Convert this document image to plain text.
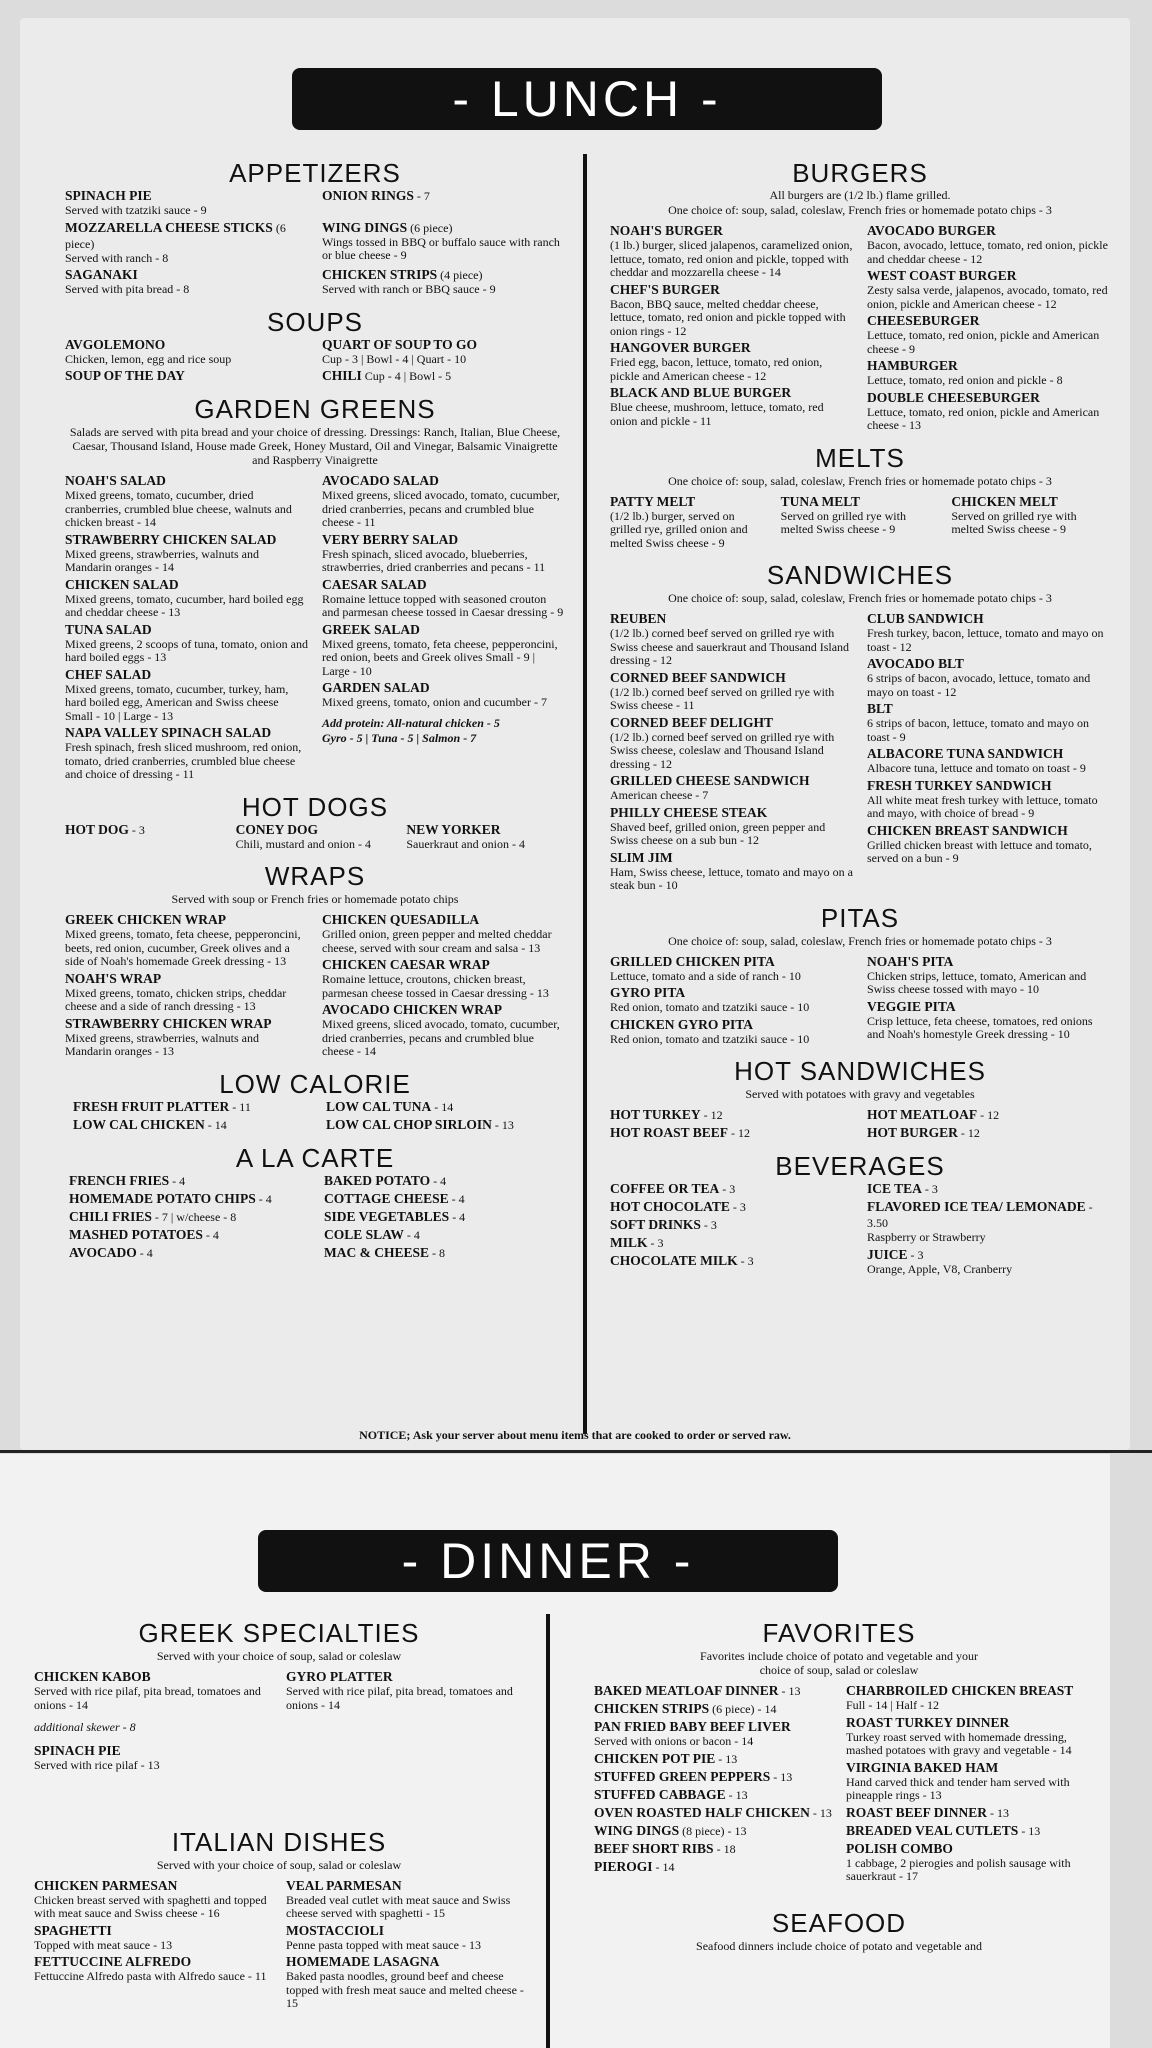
- LUNCH -
APPETIZERS
SPINACH PIE
Served with tzatziki sauce - 9
ONION RINGS - 7
MOZZARELLA CHEESE STICKS (6 piece)
Served with ranch - 8
WING DINGS (6 piece)
Wings tossed in BBQ or buffalo sauce with ranch or blue cheese - 9
SAGANAKI
Served with pita bread - 8
CHICKEN STRIPS (4 piece)
Served with ranch or BBQ sauce - 9
SOUPS
AVGOLEMONO
Chicken, lemon, egg and rice soup
QUART OF SOUP TO GO
Cup - 3 | Bowl - 4 | Quart - 10
SOUP OF THE DAY	CHILI Cup - 4 | Bowl - 5
GARDEN GREENS
Salads are served with pita bread and your choice of dressing. Dressings: Ranch, Italian, Blue Cheese, Caesar, Thousand Island, House made Greek, Honey Mustard, Oil and Vinegar, Balsamic Vinaigrette and Raspberry Vinaigrette
NOAH'S SALAD
Mixed greens, tomato, cucumber, dried cranberries, crumbled blue cheese, walnuts and chicken breast - 14
STRAWBERRY CHICKEN SALAD
Mixed greens, strawberries, walnuts and Mandarin oranges - 14
CHICKEN SALAD
Mixed greens, tomato, cucumber, hard boiled egg and cheddar cheese - 13
TUNA SALAD
Mixed greens, 2 scoops of tuna, tomato, onion and hard boiled eggs - 13
CHEF SALAD
Mixed greens, tomato, cucumber, turkey, ham, hard boiled egg, American and Swiss cheese Small - 10 | Large - 13
NAPA VALLEY SPINACH SALAD
Fresh spinach, fresh sliced mushroom, red onion, tomato, dried cranberries, crumbled blue cheese and choice of dressing - 11
AVOCADO SALAD
Mixed greens, sliced avocado, tomato, cucumber, dried cranberries, pecans and crumbled blue cheese - 11
VERY BERRY SALAD
Fresh spinach, sliced avocado, blueberries, strawberries, dried cranberries and pecans - 11
CAESAR SALAD
Romaine lettuce topped with seasoned crouton and parmesan cheese tossed in Caesar dressing - 9
GREEK SALAD
Mixed greens, tomato, feta cheese, pepperoncini, red onion, beets and Greek olives Small - 9 | Large - 10
GARDEN SALAD
Mixed greens, tomato, onion and cucumber - 7
Add protein: All-natural chicken - 5
Gyro - 5 | Tuna - 5 | Salmon - 7
HOT DOGS
HOT DOG - 3	CONEY DOG
Chili, mustard and onion - 4
NEW YORKER
Sauerkraut and onion - 4
WRAPS
Served with soup or French fries or homemade potato chips
GREEK CHICKEN WRAP
Mixed greens, tomato, feta cheese, pepperoncini, beets, red onion, cucumber, Greek olives and a side of Noah's homemade Greek dressing - 13
NOAH'S WRAP
Mixed greens, tomato, chicken strips, cheddar cheese and a side of ranch dressing - 13
STRAWBERRY CHICKEN WRAP
Mixed greens, strawberries, walnuts and Mandarin oranges - 13
CHICKEN QUESADILLA
Grilled onion, green pepper and melted cheddar cheese, served with sour cream and salsa - 13
CHICKEN CAESAR WRAP
Romaine lettuce, croutons, chicken breast, parmesan cheese tossed in Caesar dressing - 13
AVOCADO CHICKEN WRAP
Mixed greens, sliced avocado, tomato, cucumber, dried cranberries, pecans and crumbled blue cheese - 14
LOW CALORIE
FRESH FRUIT PLATTER - 11	LOW CAL TUNA - 14
LOW CAL CHICKEN - 14	LOW CAL CHOP SIRLOIN - 13
A LA CARTE
FRENCH FRIES - 4	BAKED POTATO - 4
HOMEMADE POTATO CHIPS - 4	COTTAGE CHEESE - 4
CHILI FRIES - 7 | w/cheese - 8	SIDE VEGETABLES - 4
MASHED POTATOES - 4	COLE SLAW - 4
AVOCADO - 4	MAC & CHEESE - 8
BURGERS
All burgers are (1/2 lb.) flame grilled.
One choice of: soup, salad, coleslaw, French fries or homemade potato chips - 3
NOAH'S BURGER
(1 lb.) burger, sliced jalapenos, caramelized onion, lettuce, tomato, red onion and pickle, topped with cheddar and mozzarella cheese - 14
CHEF'S BURGER
Bacon, BBQ sauce, melted cheddar cheese, lettuce, tomato, red onion and pickle topped with onion rings - 12
HANGOVER BURGER
Fried egg, bacon, lettuce, tomato, red onion, pickle and American cheese - 12
BLACK AND BLUE BURGER
Blue cheese, mushroom, lettuce, tomato, red onion and pickle - 11
AVOCADO BURGER
Bacon, avocado, lettuce, tomato, red onion, pickle and cheddar cheese - 12
WEST COAST BURGER
Zesty salsa verde, jalapenos, avocado, tomato, red onion, pickle and American cheese - 12
CHEESEBURGER
Lettuce, tomato, red onion, pickle and American cheese - 9
HAMBURGER
Lettuce, tomato, red onion and pickle - 8
DOUBLE CHEESEBURGER
Lettuce, tomato, red onion, pickle and American cheese - 13
MELTS
One choice of: soup, salad, coleslaw, French fries or homemade potato chips - 3
PATTY MELT
(1/2 lb.) burger, served on grilled rye, grilled onion and melted Swiss cheese - 9
TUNA MELT
Served on grilled rye with melted Swiss cheese - 9
CHICKEN MELT
Served on grilled rye with melted Swiss cheese - 9
SANDWICHES
One choice of: soup, salad, coleslaw, French fries or homemade potato chips - 3
REUBEN
(1/2 lb.) corned beef served on grilled rye with Swiss cheese and sauerkraut and Thousand Island dressing - 12
CORNED BEEF SANDWICH
(1/2 lb.) corned beef served on grilled rye with Swiss cheese - 11
CORNED BEEF DELIGHT
(1/2 lb.) corned beef served on grilled rye with Swiss cheese, coleslaw and Thousand Island dressing - 12
GRILLED CHEESE SANDWICH
American cheese - 7
PHILLY CHEESE STEAK
Shaved beef, grilled onion, green pepper and Swiss cheese on a sub bun - 12
SLIM JIM
Ham, Swiss cheese, lettuce, tomato and mayo on a steak bun - 10
CLUB SANDWICH
Fresh turkey, bacon, lettuce, tomato and mayo on toast - 12
AVOCADO BLT
6 strips of bacon, avocado, lettuce, tomato and mayo on toast - 12
BLT
6 strips of bacon, lettuce, tomato and mayo on toast - 9
ALBACORE TUNA SANDWICH
Albacore tuna, lettuce and tomato on toast - 9
FRESH TURKEY SANDWICH
All white meat fresh turkey with lettuce, tomato and mayo, with choice of bread - 9
CHICKEN BREAST SANDWICH
Grilled chicken breast with lettuce and tomato, served on a bun - 9
PITAS
One choice of: soup, salad, coleslaw, French fries or homemade potato chips - 3
GRILLED CHICKEN PITA
Lettuce, tomato and a side of ranch - 10
GYRO PITA
Red onion, tomato and tzatziki sauce - 10
CHICKEN GYRO PITA
Red onion, tomato and tzatziki sauce - 10
NOAH'S PITA
Chicken strips, lettuce, tomato, American and Swiss cheese tossed with mayo - 10
VEGGIE PITA
Crisp lettuce, feta cheese, tomatoes, red onions and Noah's homestyle Greek dressing - 10
HOT SANDWICHES
Served with potatoes with gravy and vegetables
HOT TURKEY - 12	HOT MEATLOAF - 12
HOT ROAST BEEF - 12	HOT BURGER - 12
BEVERAGES
COFFEE OR TEA - 3
HOT CHOCOLATE - 3
SOFT DRINKS - 3
MILK - 3
CHOCOLATE MILK - 3
ICE TEA - 3
FLAVORED ICE TEA/ LEMONADE - 3.50
Raspberry or Strawberry
JUICE - 3
Orange, Apple, V8, Cranberry
NOTICE; Ask your server about menu items that are cooked to order or served raw.
- DINNER -
GREEK SPECIALTIES
Served with your choice of soup, salad or coleslaw
CHICKEN KABOB
Served with rice pilaf, pita bread, tomatoes and onions - 14
GYRO PLATTER
Served with rice pilaf, pita bread, tomatoes and onions - 14
additional skewer - 8
SPINACH PIE
Served with rice pilaf - 13
ITALIAN DISHES
Served with your choice of soup, salad or coleslaw
CHICKEN PARMESAN
Chicken breast served with spaghetti and topped with meat sauce and Swiss cheese - 16
SPAGHETTI
Topped with meat sauce - 13
FETTUCCINE ALFREDO
Fettuccine Alfredo pasta with Alfredo sauce - 11
VEAL PARMESAN
Breaded veal cutlet with meat sauce and Swiss cheese served with spaghetti - 15
MOSTACCIOLI
Penne pasta topped with meat sauce - 13
HOMEMADE LASAGNA
Baked pasta noodles, ground beef and cheese topped with fresh meat sauce and melted cheese - 15
FAVORITES
Favorites include choice of potato and vegetable and your choice of soup, salad or coleslaw
BAKED MEATLOAF DINNER - 13
CHICKEN STRIPS (6 piece) - 14
PAN FRIED BABY BEEF LIVER
Served with onions or bacon - 14
CHICKEN POT PIE - 13
STUFFED GREEN PEPPERS - 13
STUFFED CABBAGE - 13
OVEN ROASTED HALF CHICKEN - 13
WING DINGS (8 piece) - 13
BEEF SHORT RIBS - 18
PIEROGI - 14
CHARBROILED CHICKEN BREAST
Full - 14 | Half - 12
ROAST TURKEY DINNER
Turkey roast served with homemade dressing, mashed potatoes with gravy and vegetable - 14
VIRGINIA BAKED HAM
Hand carved thick and tender ham served with pineapple rings - 13
ROAST BEEF DINNER - 13
BREADED VEAL CUTLETS - 13
POLISH COMBO
1 cabbage, 2 pierogies and polish sausage with sauerkraut - 17
SEAFOOD
Seafood dinners include choice of potato and vegetable and
